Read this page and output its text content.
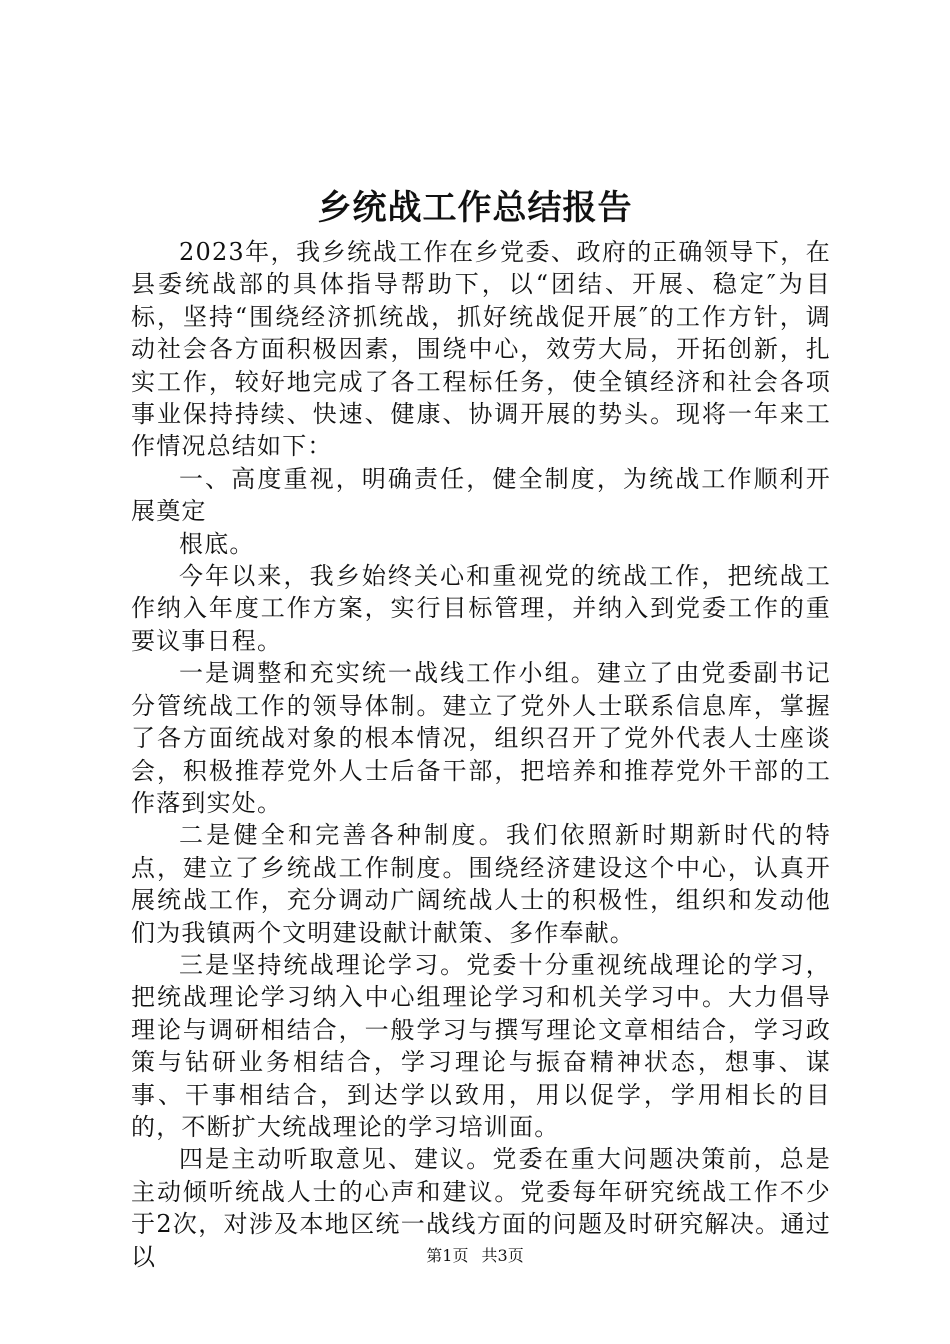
乡统战工作总结报告

2023年，我乡统战工作在乡党委、政府的正确领导下，在县委统战部的具体指导帮助下，以“团结、开展、稳定″为目标，坚持“围绕经济抓统战，抓好统战促开展″的工作方针，调动社会各方面积极因素，围绕中心，效劳大局，开拓创新，扎实工作，较好地完成了各工程标任务，使全镇经济和社会各项事业保持持续、快速、健康、协调开展的势头。现将一年来工作情况总结如下：

一、高度重视，明确责任，健全制度，为统战工作顺利开展奠定

根底。

今年以来，我乡始终关心和重视党的统战工作，把统战工作纳入年度工作方案，实行目标管理，并纳入到党委工作的重要议事日程。

一是调整和充实统一战线工作小组。建立了由党委副书记分管统战工作的领导体制。建立了党外人士联系信息库，掌握了各方面统战对象的根本情况，组织召开了党外代表人士座谈会，积极推荐党外人士后备干部，把培养和推荐党外干部的工作落到实处。

二是健全和完善各种制度。我们依照新时期新时代的特点，建立了乡统战工作制度。围绕经济建设这个中心，认真开展统战工作，充分调动广阔统战人士的积极性，组织和发动他们为我镇两个文明建设献计献策、多作奉献。

三是坚持统战理论学习。党委十分重视统战理论的学习，把统战理论学习纳入中心组理论学习和机关学习中。大力倡导理论与调研相结合，一般学习与撰写理论文章相结合，学习政策与钻研业务相结合，学习理论与振奋精神状态，想事、谋事、干事相结合，到达学以致用，用以促学，学用相长的目的，不断扩大统战理论的学习培训面。

四是主动听取意见、建议。党委在重大问题决策前，总是主动倾听统战人士的心声和建议。党委每年研究统战工作不少于2次，对涉及本地区统一战线方面的问题及时研究解决。通过以	第1页 共3页
